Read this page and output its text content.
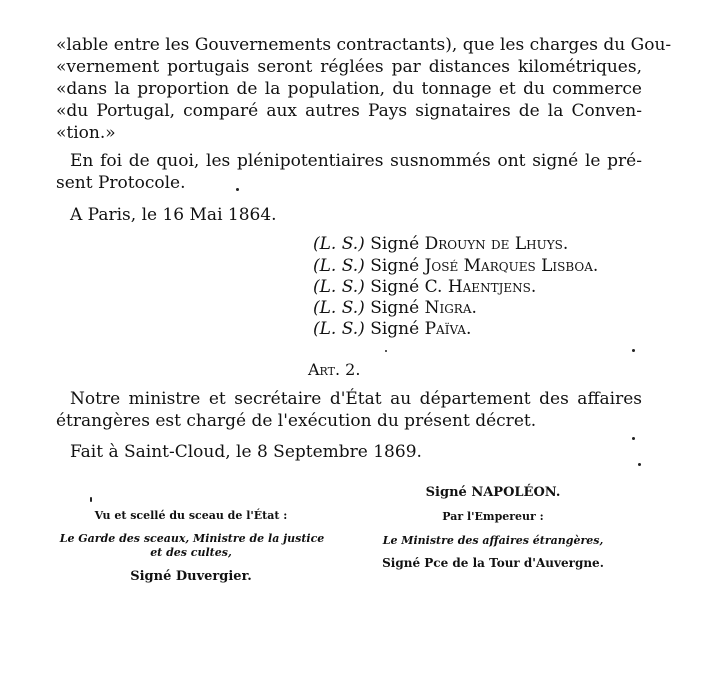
«lable entre les Gouvernements contractants), que les charges du Gou-
«vernement portugais seront réglées par distances kilométriques,
«dans la proportion de la population, du tonnage et du commerce
«du Portugal, comparé aux autres Pays signataires de la Conven-
«tion.»
En foi de quoi, les plénipotentiaires susnommés ont signé le pré-
sent Protocole.
A Paris, le 16 Mai 1864.
(L. S.) Signé Drouyn de Lhuys.
(L. S.) Signé José Marques Lisboa.
(L. S.) Signé C. Haentjens.
(L. S.) Signé Nigra.
(L. S.) Signé Païva.
Art. 2.
Notre ministre et secrétaire d'État au département des affaires
étrangères est chargé de l'exécution du présent décret.
Fait à Saint-Cloud, le 8 Septembre 1869.
Signé NAPOLÉON.
Par l'Empereur :
Le Ministre des affaires étrangères,
Signé Pce de la Tour d'Auvergne.
Vu et scellé du sceau de l'État :
Le Garde des sceaux, Ministre de la justice
et des cultes,
Signé Duvergier.
